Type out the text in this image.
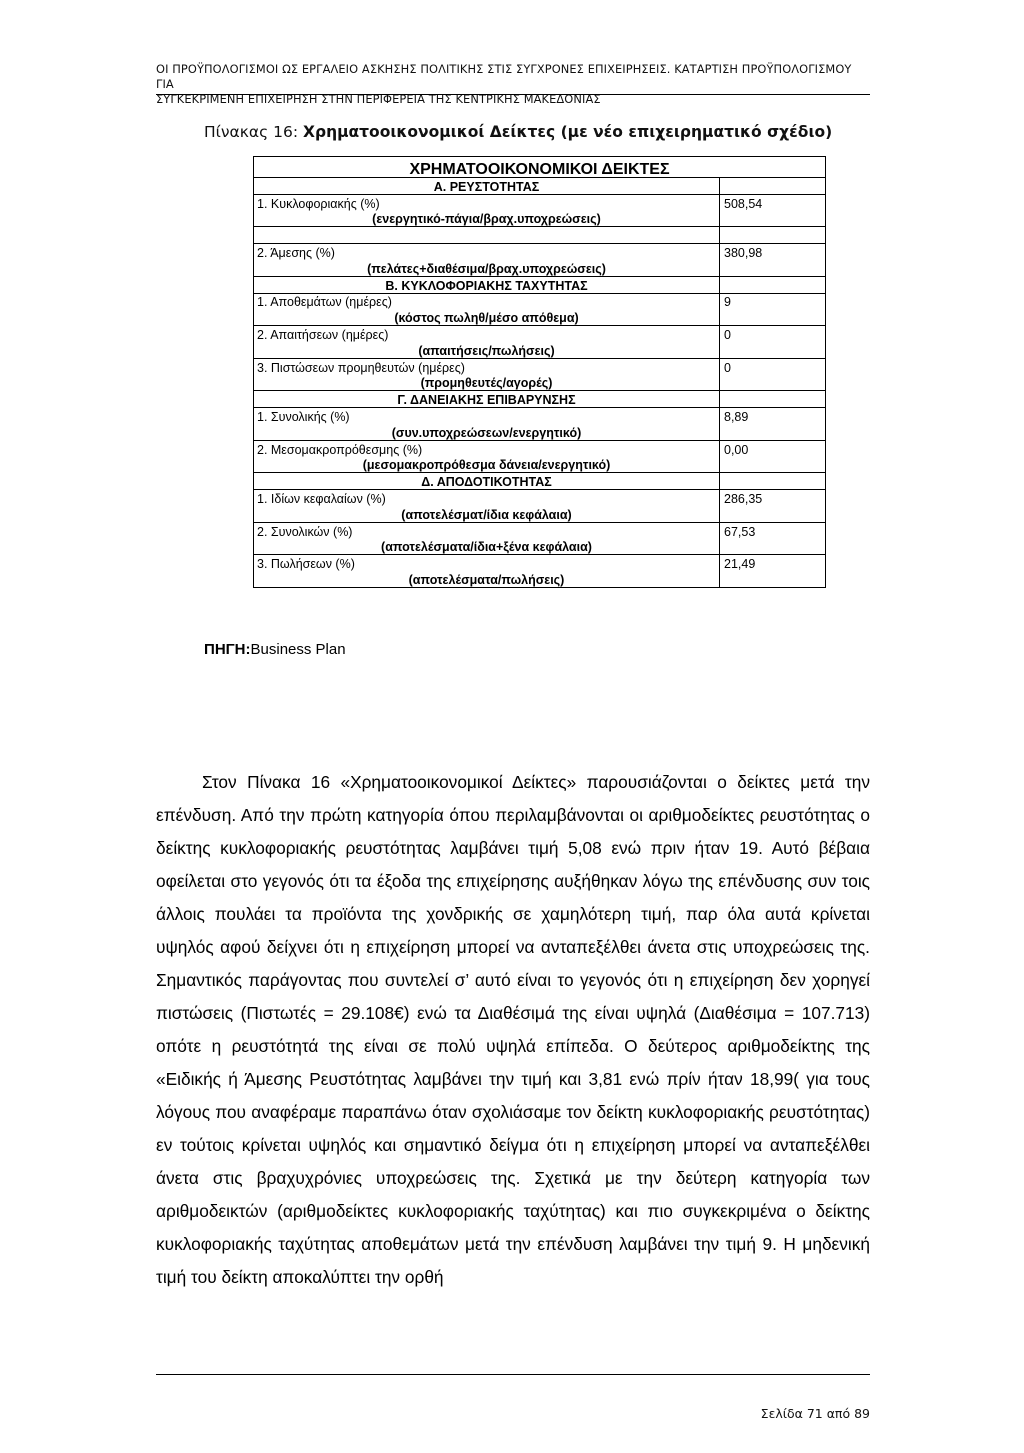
ΟΙ ΠΡΟΫΠΟΛΟΓΙΣΜΟΙ ΩΣ ΕΡΓΑΛΕΙΟ ΑΣΚΗΣΗΣ ΠΟΛΙΤΙΚΗΣ ΣΤΙΣ ΣΥΓΧΡΟΝΕΣ ΕΠΙΧΕΙΡΗΣΕΙΣ. ΚΑΤΑΡΤΙΣΗ ΠΡΟΫΠΟΛΟΓΙΣΜΟΥ ΓΙΑ
ΣΥΓΚΕΚΡΙΜΕΝΗ ΕΠΙΧΕΙΡΗΣΗ ΣΤΗΝ ΠΕΡΙΦΕΡΕΙΑ ΤΗΣ ΚΕΝΤΡΙΚΗΣ ΜΑΚΕΔΟΝΙΑΣ
Πίνακας 16: Χρηματοοικονομικοί Δείκτες (με νέο επιχειρηματικό σχέδιο)
ΧΡΗΜΑΤΟΟΙΚΟΝΟΜΙΚΟΙ ΔΕΙΚΤΕΣ	
Α. ΡΕΥΣΤΟΤΗΤΑΣ	
1. Κυκλοφοριακής (%)	508,54
(ενεργητικό-πάγια/βραχ.υποχρεώσεις)	

2. Άμεσης (%)	380,98
(πελάτες+διαθέσιμα/βραχ.υποχρεώσεις)	
Β. ΚΥΚΛΟΦΟΡΙΑΚΗΣ ΤΑΧΥΤΗΤΑΣ	
1. Αποθεμάτων (ημέρες)	9
(κόστος πωληθ/μέσο απόθεμα)	
2. Απαιτήσεων (ημέρες)	0
(απαιτήσεις/πωλήσεις)	
3. Πιστώσεων προμηθευτών (ημέρες)	0
(προμηθευτές/αγορές)	
Γ. ΔΑΝΕΙΑΚΗΣ ΕΠΙΒΑΡΥΝΣΗΣ	
1. Συνολικής (%)	8,89
(συν.υποχρεώσεων/ενεργητικό)	
2. Μεσομακροπρόθεσμης (%)	0,00
(μεσομακροπρόθεσμα δάνεια/ενεργητικό)	
Δ. ΑΠΟΔΟΤΙΚΟΤΗΤΑΣ	
1. Ιδίων κεφαλαίων (%)	286,35
(αποτελέσματ/ίδια κεφάλαια)	
2. Συνολικών (%)	67,53
(αποτελέσματα/ίδια+ξένα κεφάλαια)	
3. Πωλήσεων (%)	21,49
(αποτελέσματα/πωλήσεις)	
ΠΗΓΗ:Business Plan

Στον Πίνακα 16 «Χρηματοοικονομικοί Δείκτες» παρουσιάζονται ο δείκτες μετά την επένδυση. Από την πρώτη κατηγορία όπου περιλαμβάνονται οι αριθμοδείκτες ρευστότητας ο δείκτης κυκλοφοριακής ρευστότητας λαμβάνει τιμή 5,08 ενώ πριν ήταν 19. Αυτό βέβαια οφείλεται στο γεγονός ότι τα έξοδα της επιχείρησης αυξήθηκαν λόγω της επένδυσης συν τοις άλλοις πουλάει τα προϊόντα της χονδρικής σε χαμηλότερη τιμή, παρ όλα αυτά κρίνεται υψηλός αφού δείχνει ότι η επιχείρηση μπορεί να ανταπεξέλθει άνετα στις υποχρεώσεις της. Σημαντικός παράγοντας που συντελεί σ’ αυτό είναι το γεγονός ότι η επιχείρηση δεν χορηγεί πιστώσεις (Πιστωτές = 29.108€) ενώ τα Διαθέσιμά της είναι υψηλά (Διαθέσιμα = 107.713) οπότε η ρευστότητά της είναι σε πολύ υψηλά επίπεδα. Ο δεύτερος αριθμοδείκτης της «Ειδικής ή Άμεσης Ρευστότητας λαμβάνει την τιμή και 3,81 ενώ πρίν ήταν 18,99( για τους λόγους που αναφέραμε παραπάνω όταν σχολιάσαμε τον δείκτη κυκλοφοριακής ρευστότητας) εν τούτοις κρίνεται υψηλός και σημαντικό δείγμα ότι η επιχείρηση μπορεί να ανταπεξέλθει άνετα στις βραχυχρόνιες υποχρεώσεις της. Σχετικά με την δεύτερη κατηγορία των αριθμοδεικτών (αριθμοδείκτες κυκλοφοριακής ταχύτητας) και πιο συγκεκριμένα ο δείκτης κυκλοφοριακής ταχύτητας αποθεμάτων μετά την επένδυση λαμβάνει την τιμή 9. Η μηδενική τιμή του δείκτη αποκαλύπτει την ορθή

Σελίδα 71 από 89
